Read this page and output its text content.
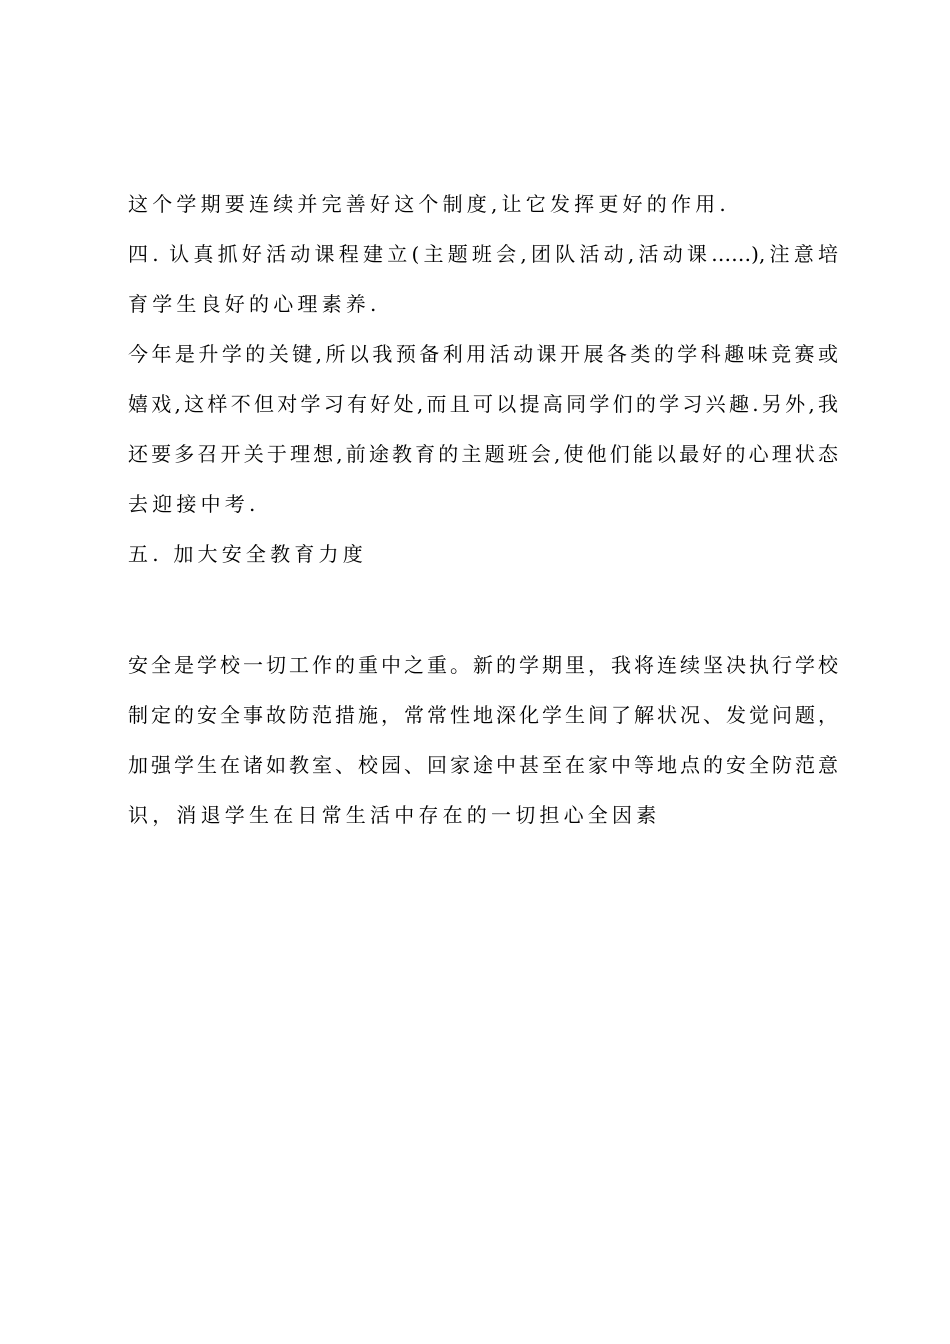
这个学期要连续并完善好这个制度,让它发挥更好的作用.

四. 认真抓好活动课程建立(主题班会,团队活动,活动课……),注意培

育学生良好的心理素养.

今年是升学的关键,所以我预备利用活动课开展各类的学科趣味竞赛或

嬉戏,这样不但对学习有好处,而且可以提高同学们的学习兴趣.另外,我

还要多召开关于理想,前途教育的主题班会,使他们能以最好的心理状态

去迎接中考.

五. 加大安全教育力度

安全是学校一切工作的重中之重。新的学期里，我将连续坚决执行学校

制定的安全事故防范措施，常常性地深化学生间了解状况、发觉问题，

加强学生在诸如教室、校园、回家途中甚至在家中等地点的安全防范意

识，消退学生在日常生活中存在的一切担心全因素
